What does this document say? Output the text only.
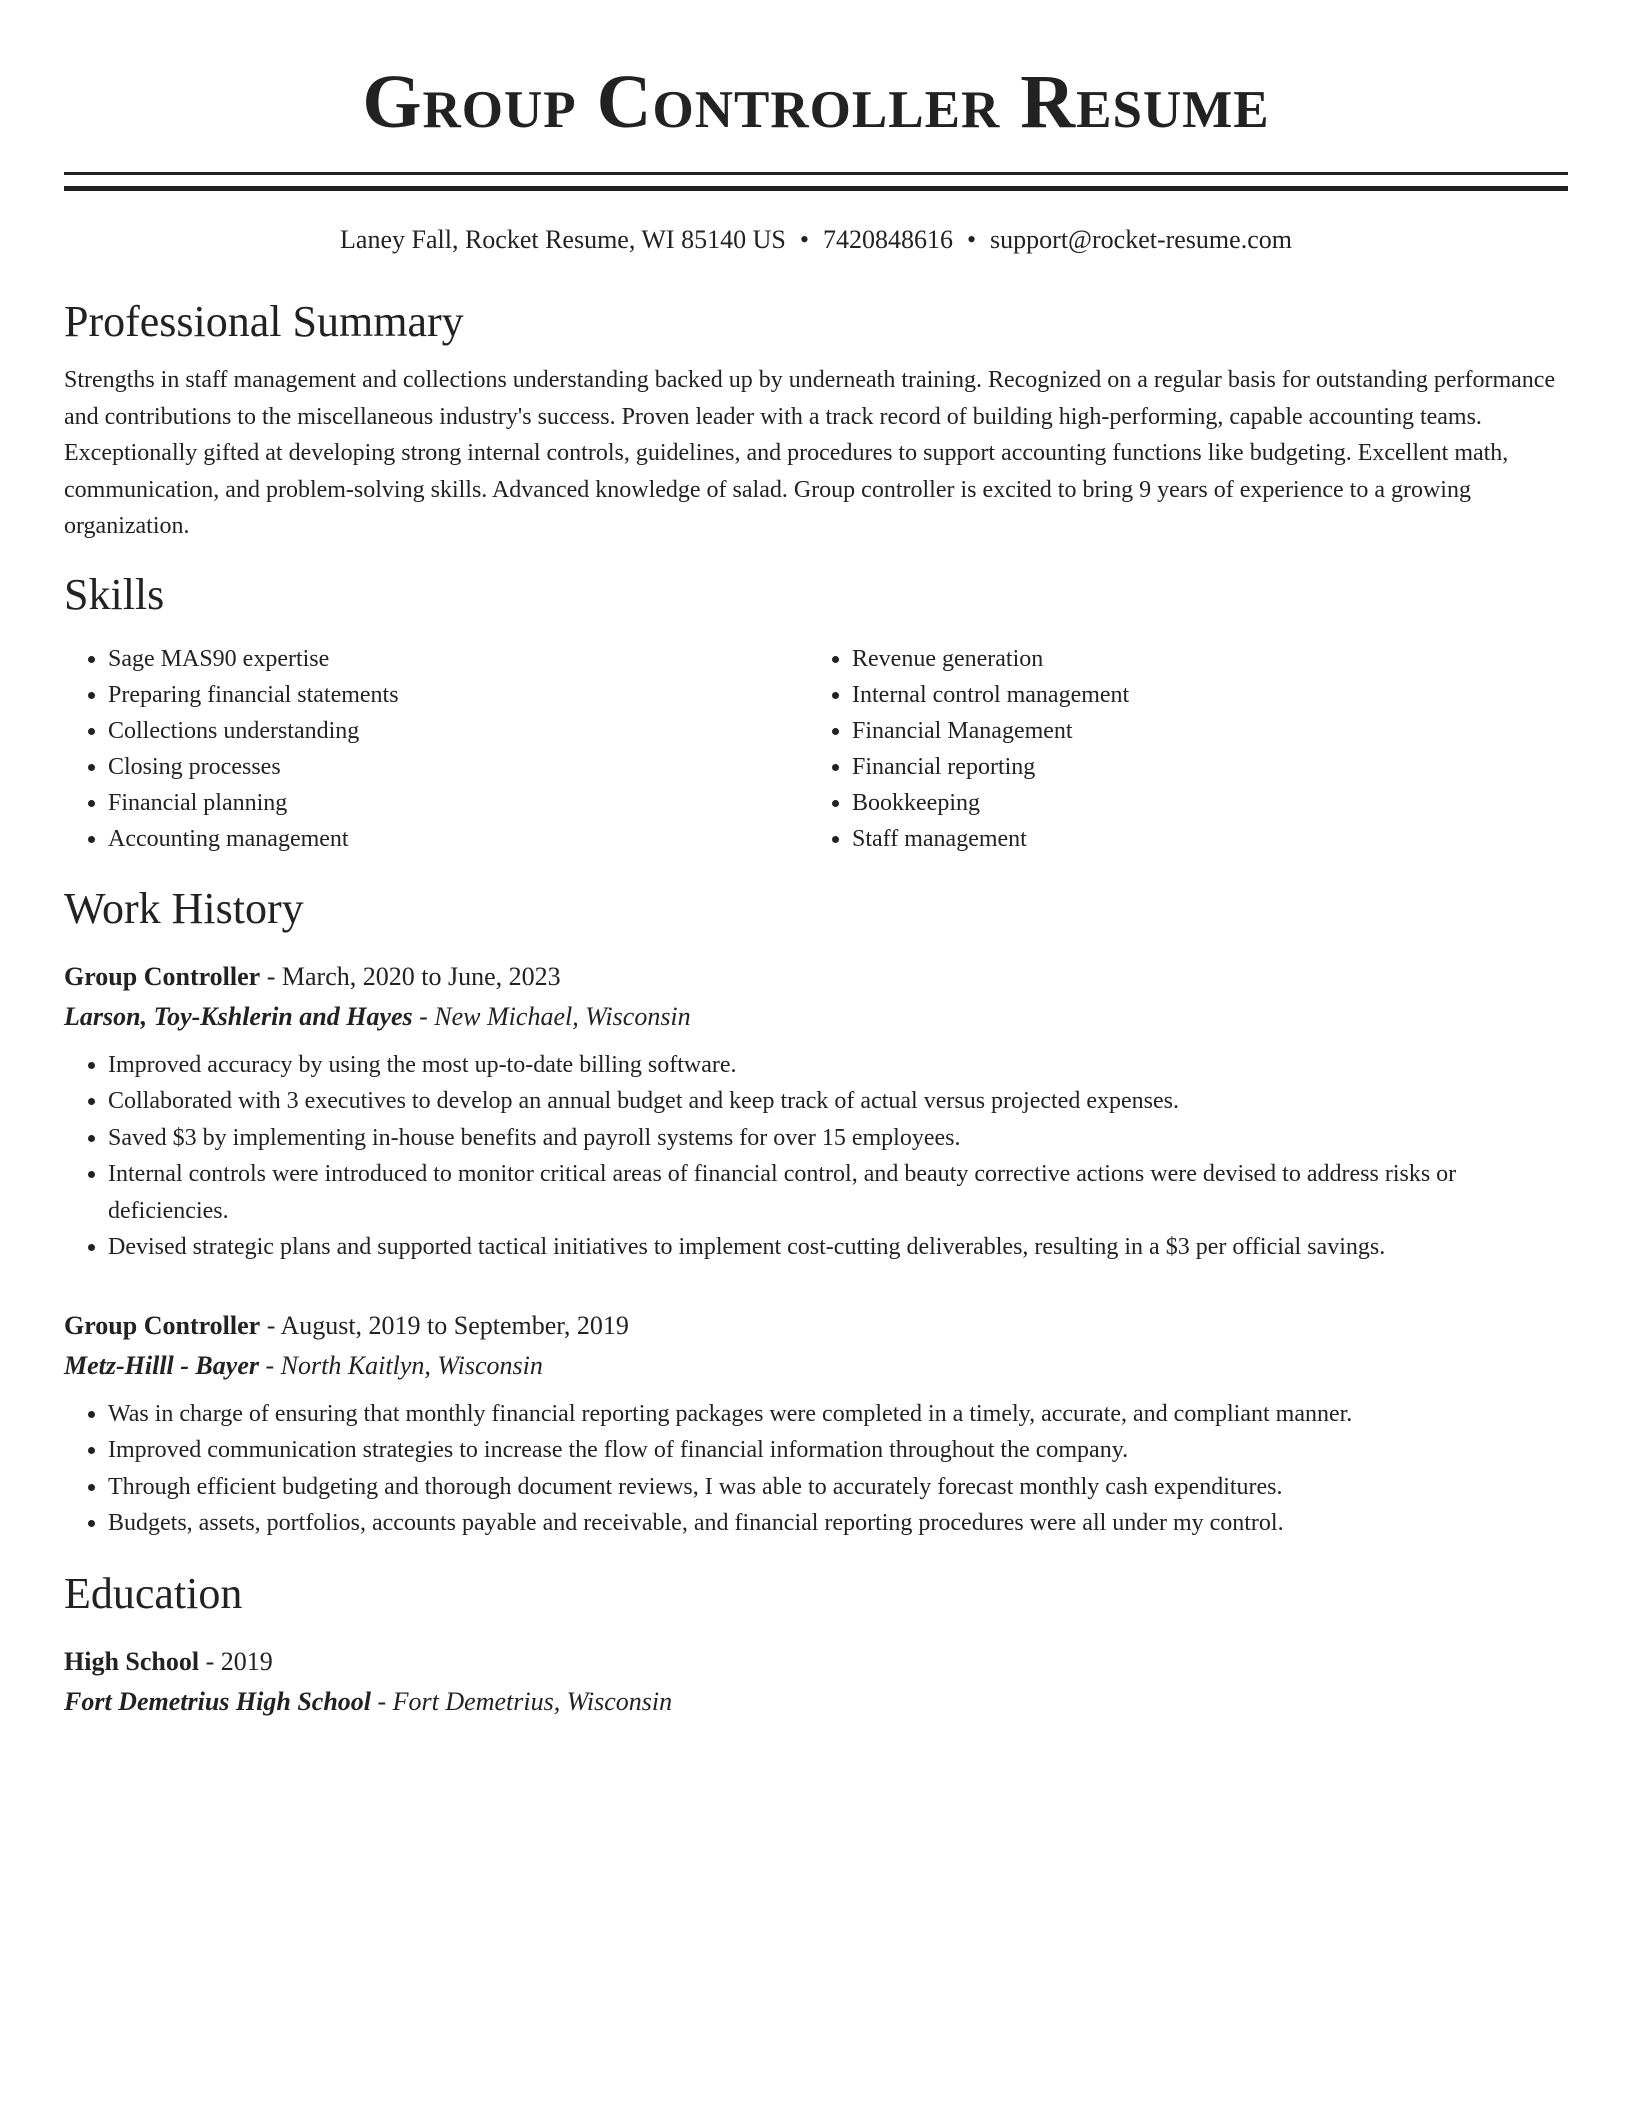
Group Controller Resume
Laney Fall, Rocket Resume, WI 85140 US • 7420848616 • support@rocket-resume.com
Professional Summary

Strengths in staff management and collections understanding backed up by underneath training. Recognized on a regular basis for outstanding performance and contributions to the miscellaneous industry's success. Proven leader with a track record of building high-performing, capable accounting teams. Exceptionally gifted at developing strong internal controls, guidelines, and procedures to support accounting functions like budgeting. Excellent math, communication, and problem-solving skills. Advanced knowledge of salad. Group controller is excited to bring 9 years of experience to a growing organization.

Skills
• Sage MAS90 expertise
• Preparing financial statements
• Collections understanding
• Closing processes
• Financial planning
• Accounting management
• Revenue generation
• Internal control management
• Financial Management
• Financial reporting
• Bookkeeping
• Staff management
Work History
Group Controller - March, 2020 to June, 2023
Larson, Toy-Kshlerin and Hayes - New Michael, Wisconsin
• Improved accuracy by using the most up-to-date billing software.
• Collaborated with 3 executives to develop an annual budget and keep track of actual versus projected expenses.
• Saved $3 by implementing in-house benefits and payroll systems for over 15 employees.
• Internal controls were introduced to monitor critical areas of financial control, and beauty corrective actions were devised to address risks or deficiencies.
• Devised strategic plans and supported tactical initiatives to implement cost-cutting deliverables, resulting in a $3 per official savings.
Group Controller - August, 2019 to September, 2019
Metz-Hilll - Bayer - North Kaitlyn, Wisconsin
• Was in charge of ensuring that monthly financial reporting packages were completed in a timely, accurate, and compliant manner.
• Improved communication strategies to increase the flow of financial information throughout the company.
• Through efficient budgeting and thorough document reviews, I was able to accurately forecast monthly cash expenditures.
• Budgets, assets, portfolios, accounts payable and receivable, and financial reporting procedures were all under my control.
Education
High School - 2019
Fort Demetrius High School - Fort Demetrius, Wisconsin
